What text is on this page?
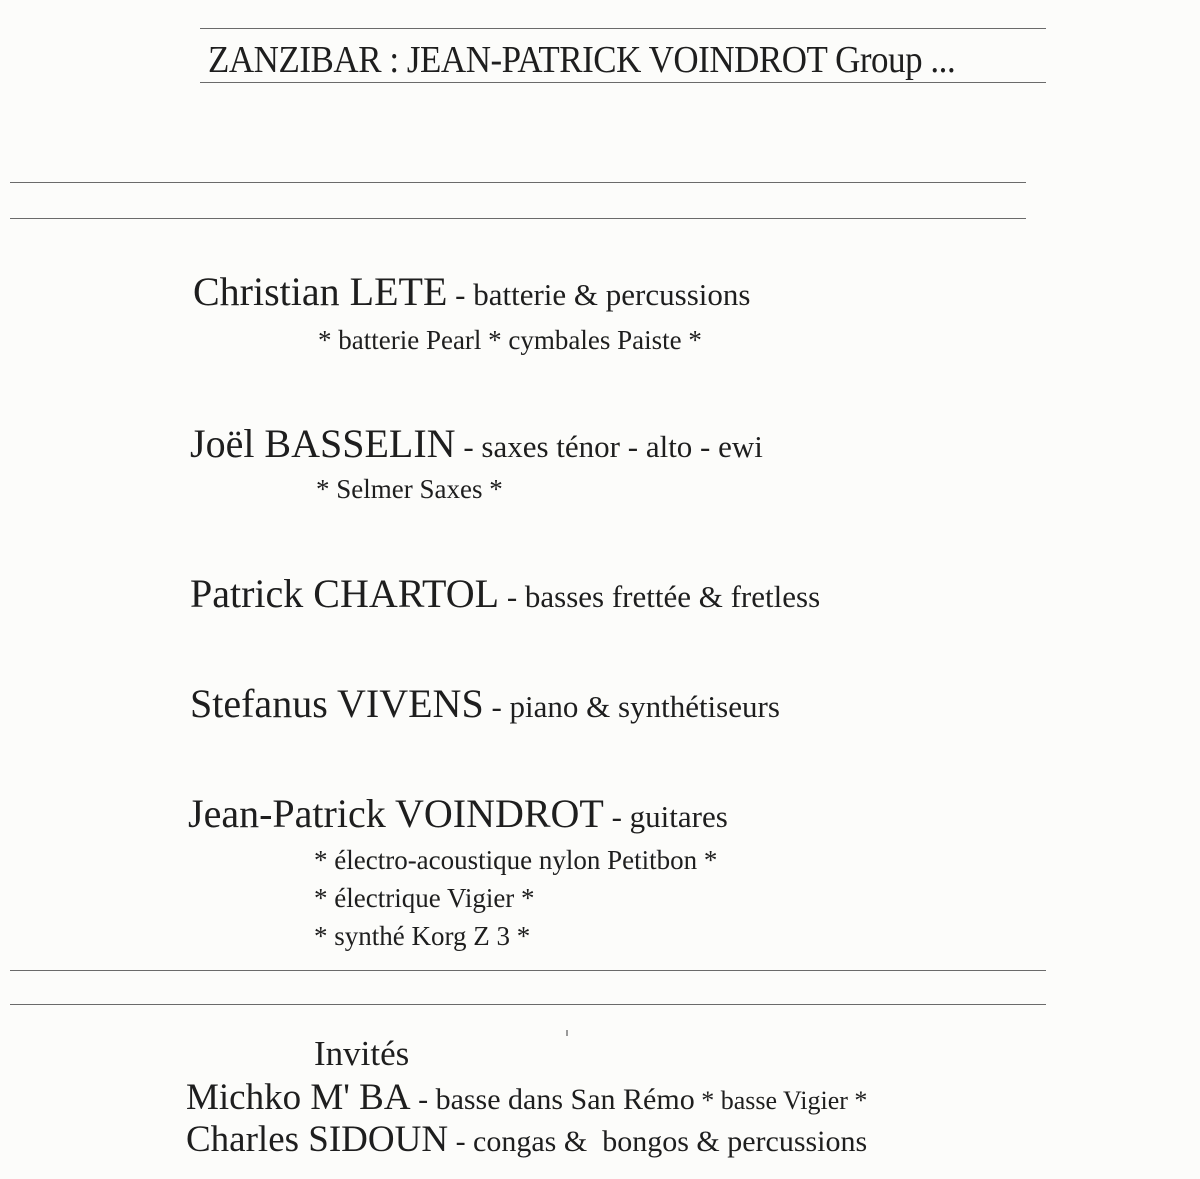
ZANZIBAR : JEAN-PATRICK VOINDROT Group ...
Christian LETE - batterie & percussions
* batterie Pearl * cymbales Paiste *
Joël BASSELIN - saxes ténor - alto - ewi
* Selmer Saxes *
Patrick CHARTOL - basses frettée & fretless
Stefanus VIVENS - piano & synthétiseurs
Jean-Patrick VOINDROT - guitares
* électro-acoustique nylon Petitbon *
* électrique Vigier *
* synthé Korg Z 3 *
Invités
Michko M' BA - basse dans San Rémo * basse Vigier *
Charles SIDOUN - congas &  bongos & percussions
